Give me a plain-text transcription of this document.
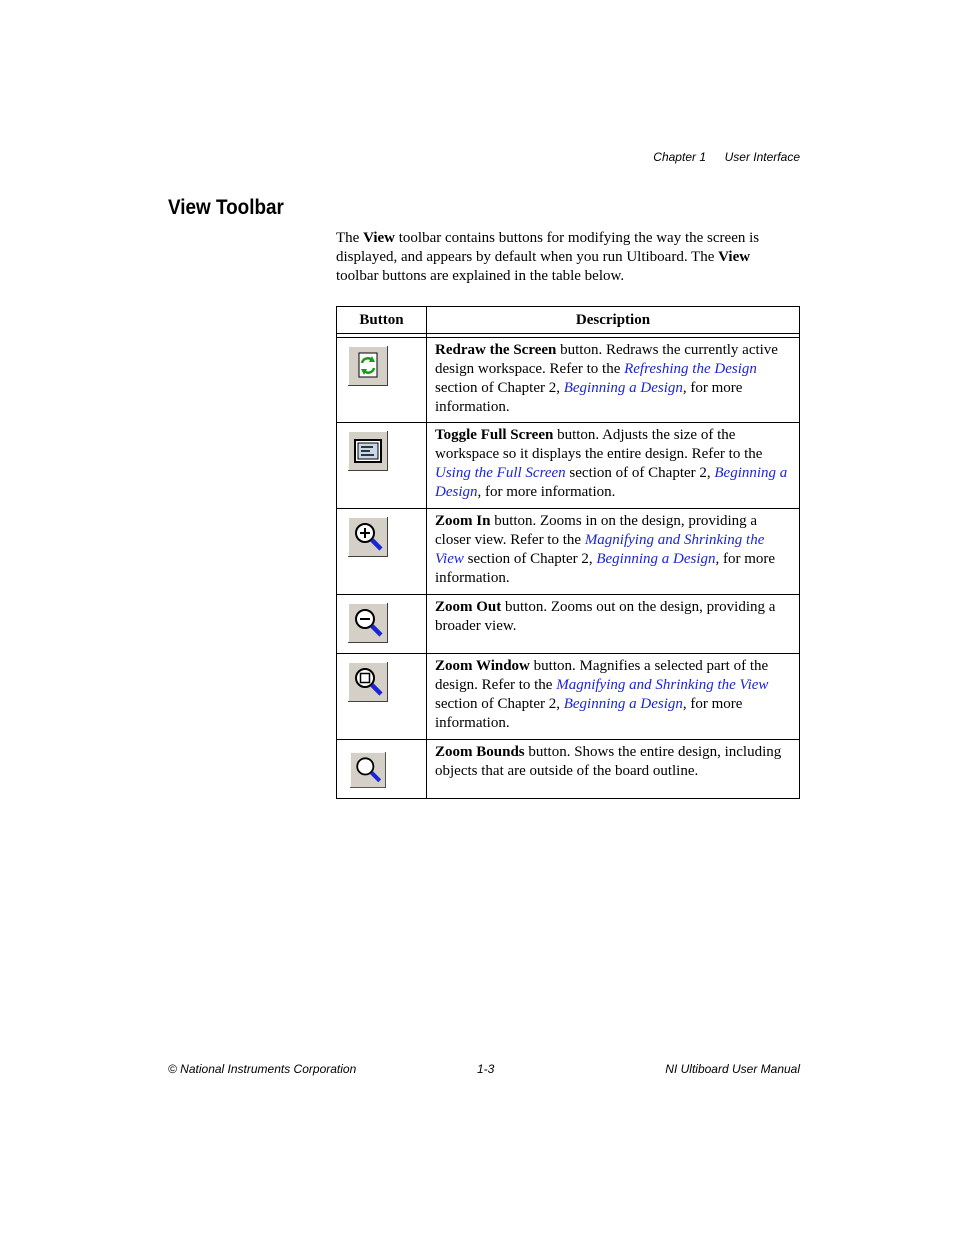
Chapter 1 User Interface
View Toolbar

The View toolbar contains buttons for modifying the way the screen is displayed, and appears by default when you run Ultiboard. The View toolbar buttons are explained in the table below.

Button	Description

	Redraw the Screen button. Redraws the currently active design workspace. Refer to the Refreshing the Design section of Chapter 2, Beginning a Design, for more information.

	Toggle Full Screen button. Adjusts the size of the workspace so it displays the entire design. Refer to the Using the Full Screen section of of Chapter 2, Beginning a Design, for more information.

	Zoom In button. Zooms in on the design, providing a closer view. Refer to the Magnifying and Shrinking the View section of Chapter 2, Beginning a Design, for more information.

	Zoom Out button. Zooms out on the design, providing a broader view.

	Zoom Window button. Magnifies a selected part of the design. Refer to the Magnifying and Shrinking the View section of Chapter 2, Beginning a Design, for more information.

	Zoom Bounds button. Shows the entire design, including objects that are outside of the board outline.
© National Instruments Corporation	1-3	NI Ultiboard User Manual
